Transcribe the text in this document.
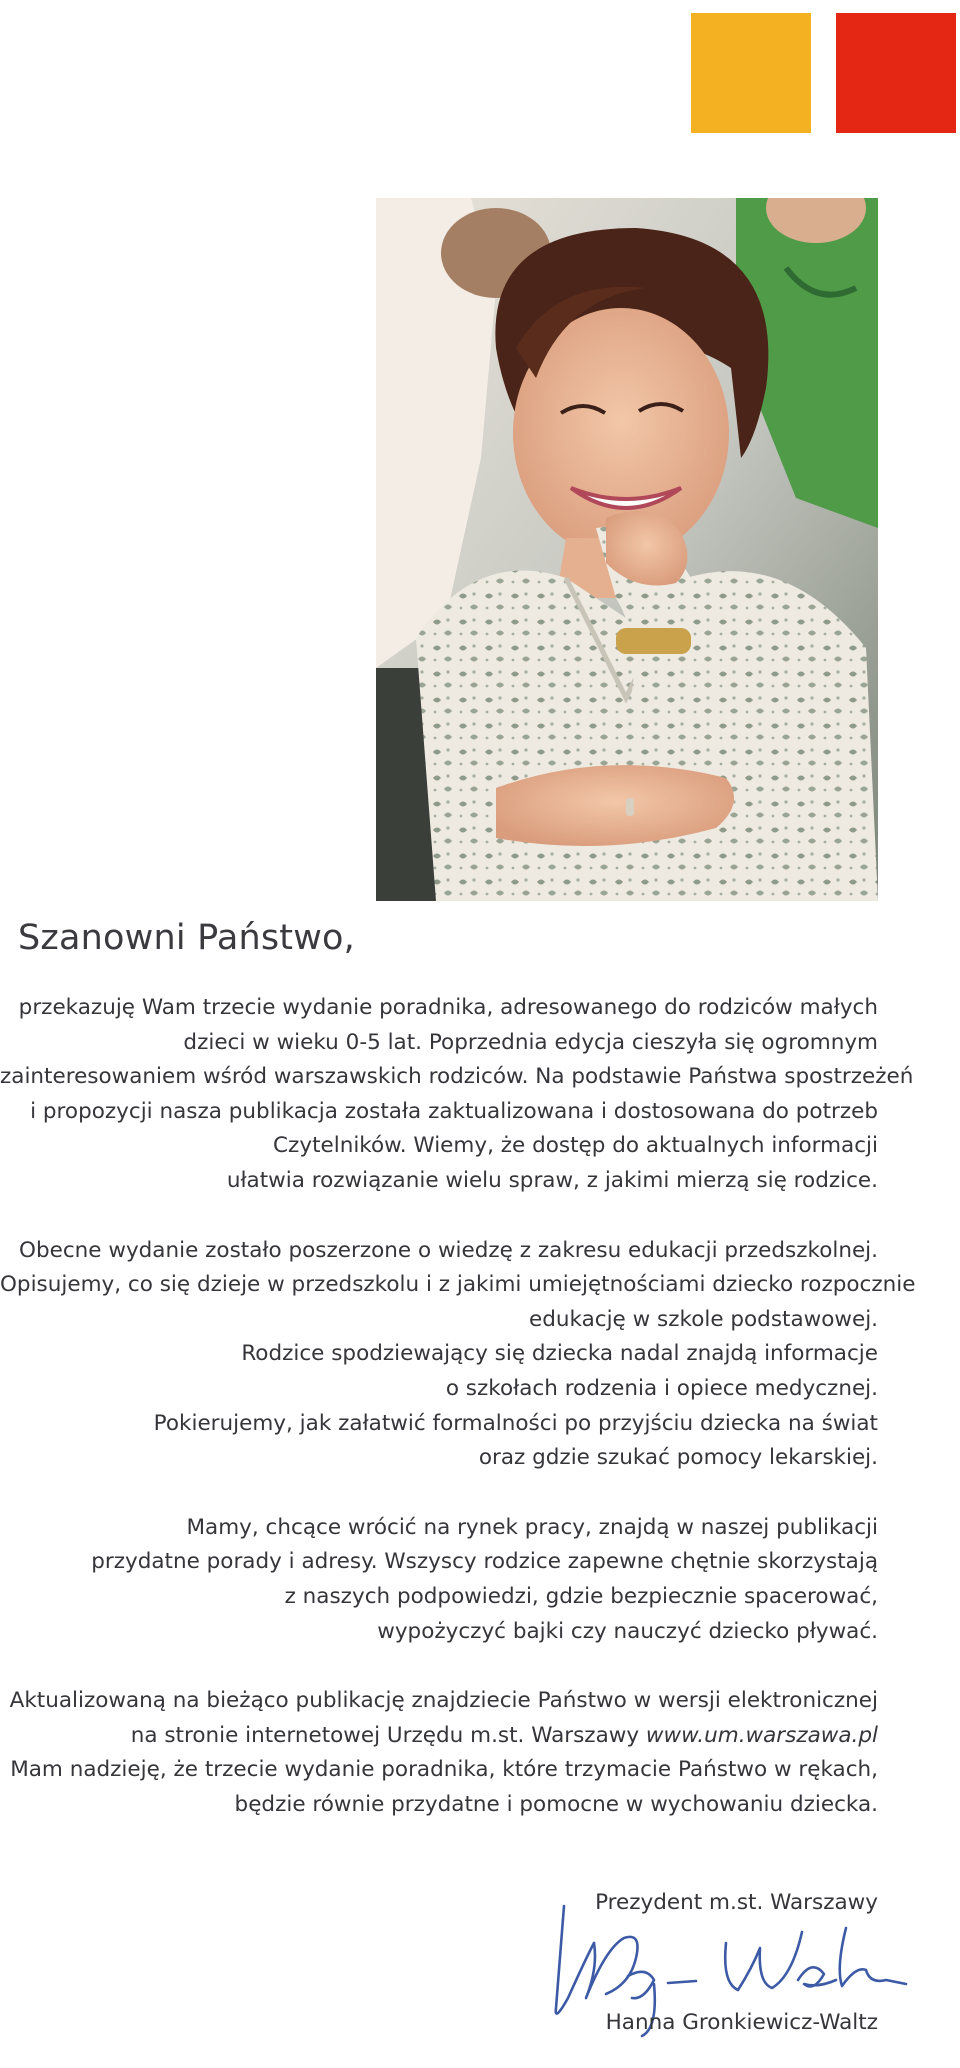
Szanowni Państwo,

przekazuję Wam trzecie wydanie poradnika, adresowanego do rodziców małych
dzieci w wieku 0-5 lat. Poprzednia edycja cieszyła się ogromnym
zainteresowaniem wśród warszawskich rodziców. Na podstawie Państwa spostrzeżeń
i propozycji nasza publikacja została zaktualizowana i dostosowana do potrzeb
Czytelników. Wiemy, że dostęp do aktualnych informacji
ułatwia rozwiązanie wielu spraw, z jakimi mierzą się rodzice.

Obecne wydanie zostało poszerzone o wiedzę z zakresu edukacji przedszkolnej.
Opisujemy, co się dzieje w przedszkolu i z jakimi umiejętnościami dziecko rozpocznie
edukację w szkole podstawowej.
Rodzice spodziewający się dziecka nadal znajdą informacje
o szkołach rodzenia i opiece medycznej.
Pokierujemy, jak załatwić formalności po przyjściu dziecka na świat
oraz gdzie szukać pomocy lekarskiej.

Mamy, chcące wrócić na rynek pracy, znajdą w naszej publikacji
przydatne porady i adresy. Wszyscy rodzice zapewne chętnie skorzystają
z naszych podpowiedzi, gdzie bezpiecznie spacerować,
wypożyczyć bajki czy nauczyć dziecko pływać.

Aktualizowaną na bieżąco publikację znajdziecie Państwo w wersji elektronicznej
na stronie internetowej Urzędu m.st. Warszawy www.um.warszawa.pl
Mam nadzieję, że trzecie wydanie poradnika, które trzymacie Państwo w rękach,
będzie równie przydatne i pomocne w wychowaniu dziecka.

Prezydent m.st. Warszawy
Hanna Gronkiewicz-Waltz
